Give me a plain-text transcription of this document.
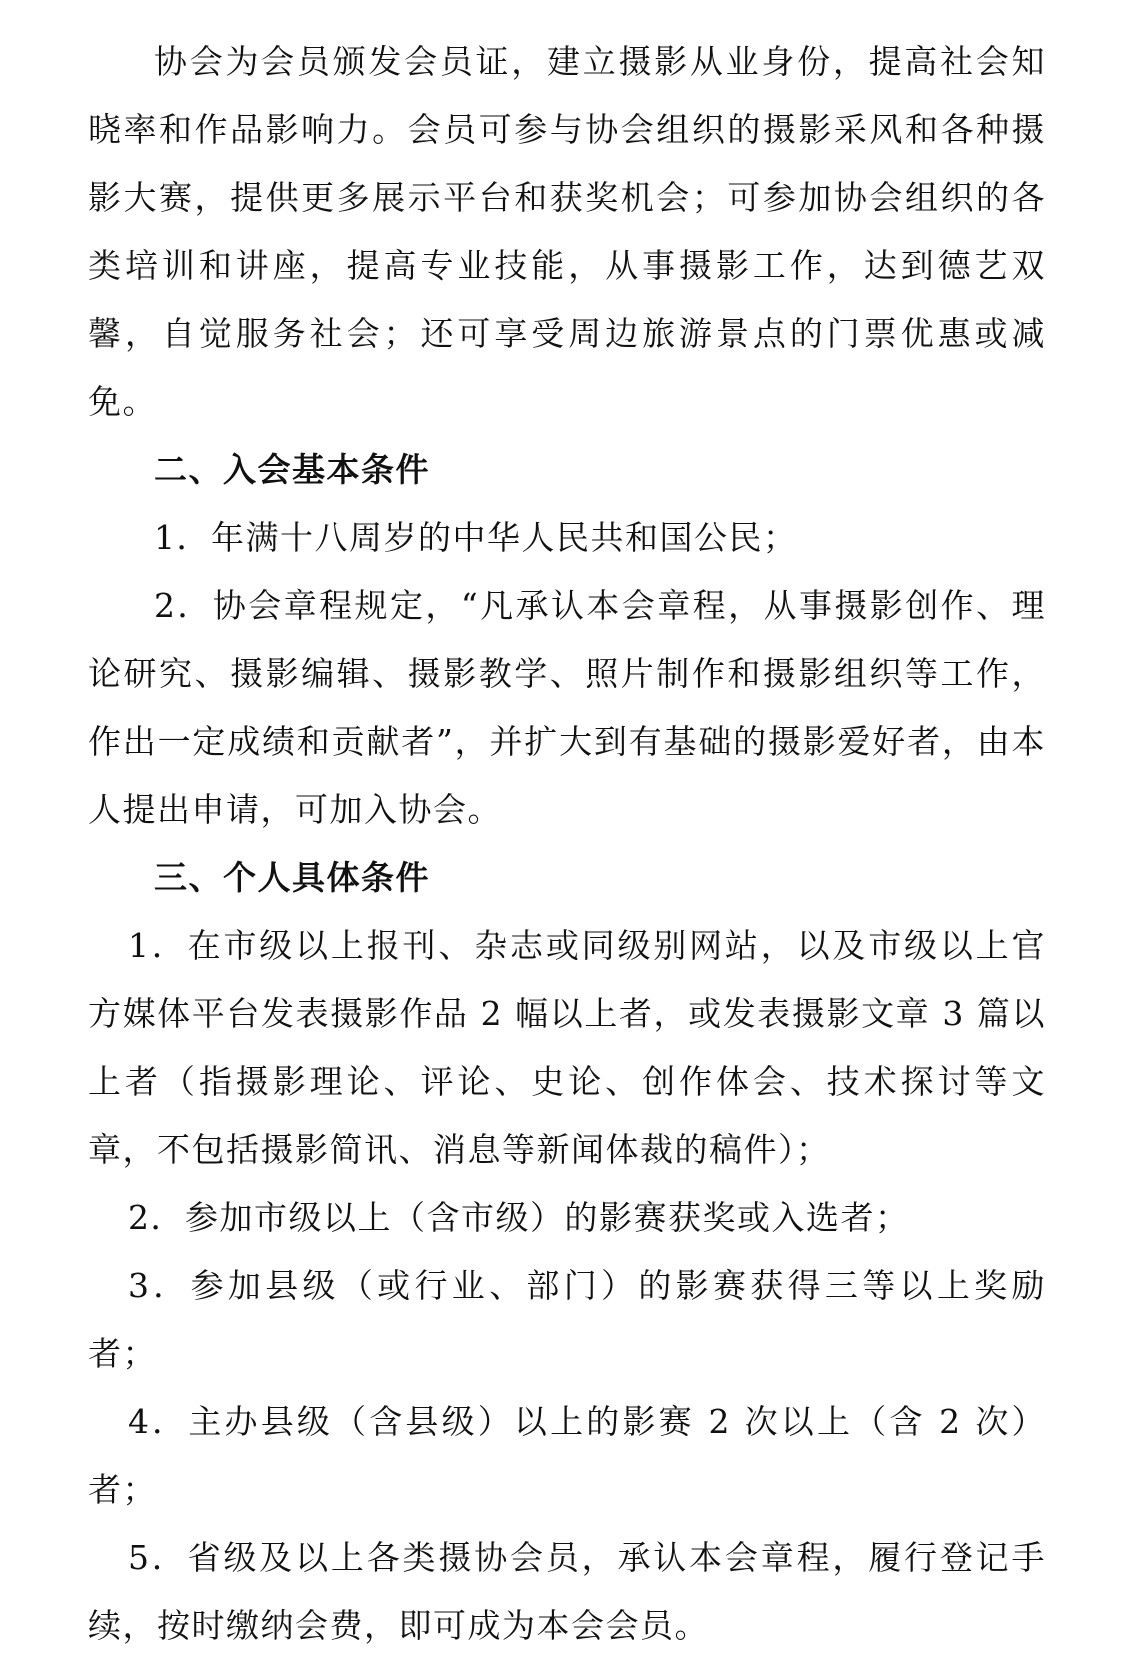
协会为会员颁发会员证，建立摄影从业身份，提高社会知晓率和作品影响力。会员可参与协会组织的摄影采风和各种摄影大赛，提供更多展示平台和获奖机会；可参加协会组织的各类培训和讲座，提高专业技能，从事摄影工作，达到德艺双馨，自觉服务社会；还可享受周边旅游景点的门票优惠或减免。

二、入会基本条件

1．年满十八周岁的中华人民共和国公民；

2．协会章程规定，“凡承认本会章程，从事摄影创作、理论研究、摄影编辑、摄影教学、照片制作和摄影组织等工作，作出一定成绩和贡献者”，并扩大到有基础的摄影爱好者，由本人提出申请，可加入协会。

三、个人具体条件

1．在市级以上报刊、杂志或同级别网站，以及市级以上官方媒体平台发表摄影作品 2 幅以上者，或发表摄影文章 3 篇以上者（指摄影理论、评论、史论、创作体会、技术探讨等文章，不包括摄影简讯、消息等新闻体裁的稿件）；

2．参加市级以上（含市级）的影赛获奖或入选者；

3．参加县级（或行业、部门）的影赛获得三等以上奖励者；

4．主办县级（含县级）以上的影赛 2 次以上（含 2 次）者；

5．省级及以上各类摄协会员，承认本会章程，履行登记手续，按时缴纳会费，即可成为本会会员。
